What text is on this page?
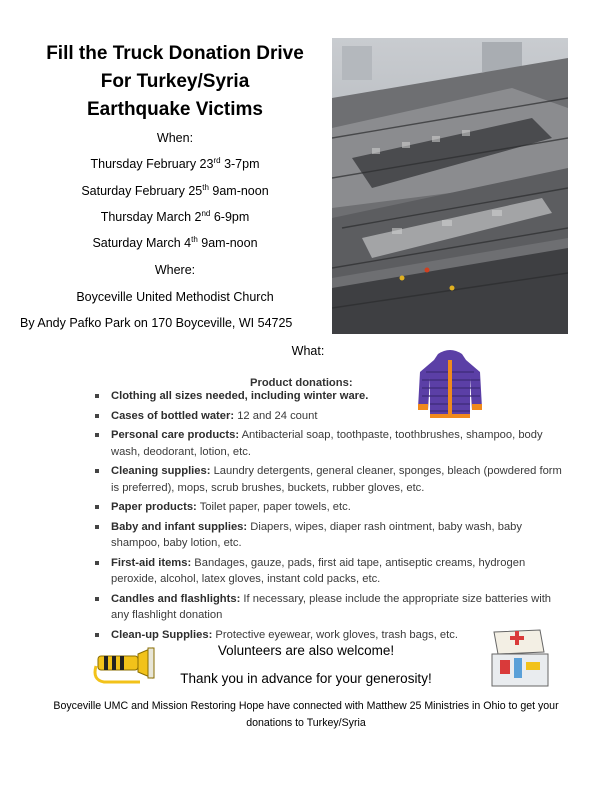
Fill the Truck Donation Drive
For Turkey/Syria
Earthquake Victims
When:
Thursday February 23rd 3-7pm
Saturday February 25th 9am-noon
Thursday March 2nd 6-9pm
Saturday March 4th 9am-noon
Where:
Boyceville United Methodist Church
By Andy Pafko Park on 170 Boyceville, WI 54725
What:
Product donations:
Clothing all sizes needed, including winter ware.
Cases of bottled water: 12 and 24 count
Personal care products: Antibacterial soap, toothpaste, toothbrushes, shampoo, body wash, deodorant, lotion, etc.
Cleaning supplies: Laundry detergents, general cleaner, sponges, bleach (powdered form is preferred), mops, scrub brushes, buckets, rubber gloves, etc.
Paper products: Toilet paper, paper towels, etc.
Baby and infant supplies: Diapers, wipes, diaper rash ointment, baby wash, baby shampoo, baby lotion, etc.
First-aid items: Bandages, gauze, pads, first aid tape, antiseptic creams, hydrogen peroxide, alcohol, latex gloves, instant cold packs, etc.
Candles and flashlights: If necessary, please include the appropriate size batteries with any flashlight donation
Clean-up Supplies: Protective eyewear, work gloves, trash bags, etc.
Volunteers are also welcome!
Thank you in advance for your generosity!
Boyceville UMC and Mission Restoring Hope have connected with Matthew 25 Ministries in Ohio to get your donations to Turkey/Syria
